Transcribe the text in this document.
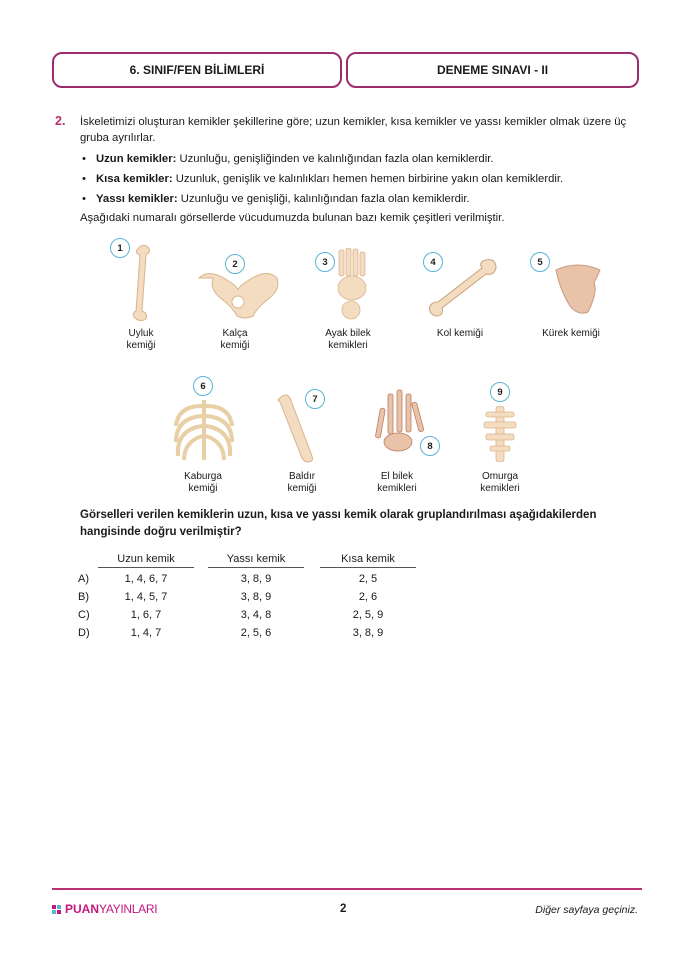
6. SINIF/FEN BİLİMLERİ	DENEME SINAVI - II
2. İskeletimizi oluşturan kemikler şekillerine göre; uzun kemikler, kısa kemikler ve yassı kemikler olmak üzere üç gruba ayrılırlar.
• Uzun kemikler: Uzunluğu, genişliğinden ve kalınlığından fazla olan kemiklerdir.
• Kısa kemikler: Uzunluk, genişlik ve kalınlıkları hemen hemen birbirine yakın olan kemiklerdir.
• Yassı kemikler: Uzunluğu ve genişliği, kalınlığından fazla olan kemiklerdir.
Aşağıdaki numaralı görsellerde vücudumuzda bulunan bazı kemik çeşitleri verilmiştir.
1
Uyluk
kemiği
2
Kalça
kemiği
3
Ayak bilek
kemikleri
4
Kol kemiği
5
Kürek kemiği
6
Kaburga
kemiği
7
Baldır
kemiği
8
El bilek
kemikleri
9
Omurga
kemikleri
Görselleri verilen kemiklerin uzun, kısa ve yassı kemik olarak gruplandırılması aşağıdakilerden hangisinde doğru verilmiştir?
Uzun kemik	Yassı kemik	Kısa kemik
A)	1, 4, 6, 7	3, 8, 9	2, 5
B)	1, 4, 5, 7	3, 8, 9	2, 6
C)	1, 6, 7	3, 4, 8	2, 5, 9
D)	1, 4, 7	2, 5, 6	3, 8, 9
PUAN YAYINLARI	2	Diğer sayfaya geçiniz.
